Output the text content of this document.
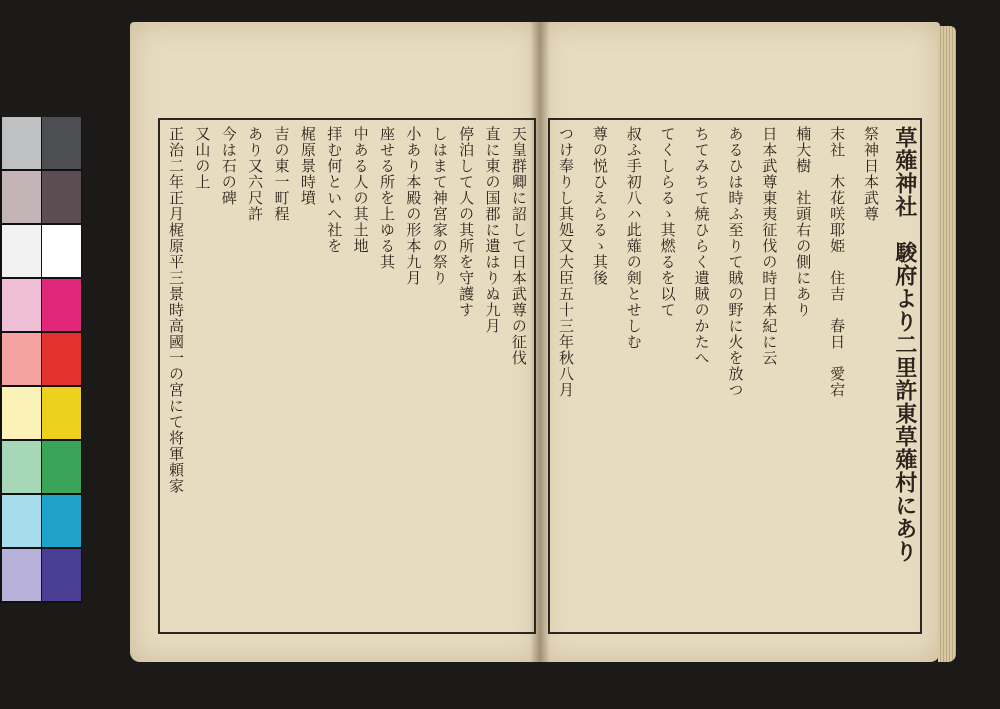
天皇群卿に詔して日本武尊の征伐
直に東の国郡に遺はりぬ九月
停泊して人の其所を守護す
しはまて神宮家の祭り
小あり本殿の形本九月
座せる所を上ゆる其
中ある人の其土地
拝む何といへ社を
梶原景時墳
吉の東一町程
あり又六尺許
今は石の碑
又山の上
正治二年正月梶原平三景時高國一の宮にて将軍頼家	草薙神社　駿府より二里許東草薙村にあり
祭神日本武尊
末社　木花咲耶姫　住吉　春日　愛宕
楠大樹　社頭右の側にあり
日本武尊東夷征伐の時日本紀に云
あるひは時ふ至りて賊の野に火を放つ
ちてみちて焼ひらく遺賊のかたへ
てくしらるゝ其燃るを以て
叔ふ手初八ハ此薙の剣とせしむ
尊の悦ひえらるゝ其後
つけ奉りし其処又大臣五十三年秋八月
